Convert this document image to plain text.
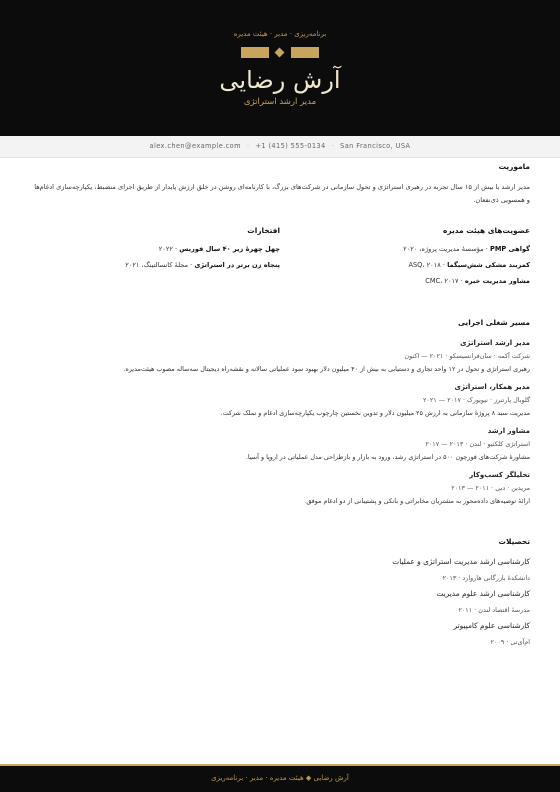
برنامه‌ریزی · مدیر · هیئت مدیره
آرش رضایی
مدیر ارشد استراتژی
alex.chen@example.com · +1 (415) 555-0134 · San Francisco, USA
ماموریت
مدیر ارشد با بیش از ۱۵ سال تجربه در رهبری استراتژی و تحول سازمانی در شرکت‌های بزرگ، با کارنامه‌ای روشن در خلق ارزش پایدار از طریق اجرای منضبط، یکپارچه‌سازی ادغام‌ها و همسویی ذی‌نفعان.
عضویت‌های هیئت مدیره
گواهی PMP · مؤسسهٔ مدیریت پروژه، ۲۰۲۰
کمربند مشکی شش‌سیگما · ASQ، ۲۰۱۸
مشاور مدیریت خبره · CMC، ۲۰۱۷
افتخارات
چهل چهرهٔ زیر ۴۰ سال فوربس · ۲۰۲۲
پنجاه زن برتر در استراتژی · مجلهٔ کانسالتینگ، ۲۰۲۱
مسیر شغلی اجرایی
مدیر ارشد استراتژی
شرکت آکمه · سان‌فرانسیسکو · ۲۰۲۱ — اکنون
رهبری استراتژی و تحول در ۱۲ واحد تجاری و دستیابی به بیش از ۴۰ میلیون دلار بهبود سود عملیاتی سالانه و نقشه‌راه دیجیتال سه‌ساله مصوب هیئت‌مدیره.
مدیر همکار، استراتژی
گلوبال پارتنرز · نیویورک · ۲۰۱۷ — ۲۰۲۱
مدیریت سبد ۸ پروژهٔ سازمانی به ارزش ۲۵ میلیون دلار و تدوین نخستین چارچوب یکپارچه‌سازی ادغام و تملک شرکت.
مشاور ارشد
استراتژی کلکتیو · لندن · ۲۰۱۳ — ۲۰۱۷
مشاورهٔ شرکت‌های فورچون ۵۰۰ در استراتژی رشد، ورود به بازار و بازطراحی مدل عملیاتی در اروپا و آسیا.
تحلیلگر کسب‌وکار
مریدین · دبی · ۲۰۱۱ — ۲۰۱۳
ارائهٔ توصیه‌های داده‌محور به مشتریان مخابراتی و بانکی و پشتیبانی از دو ادغام موفق.
تحصیلات
کارشناسی ارشد مدیریت استراتژی و عملیات
دانشکدهٔ بازرگانی هاروارد · ۲۰۱۳
کارشناسی ارشد علوم مدیریت
مدرسهٔ اقتصاد لندن · ۲۰۱۱
کارشناسی علوم کامپیوتر
ام‌آی‌تی · ۲۰۰۹
آرش رضایی ◆ هیئت مدیره · مدیر · برنامه‌ریزی
